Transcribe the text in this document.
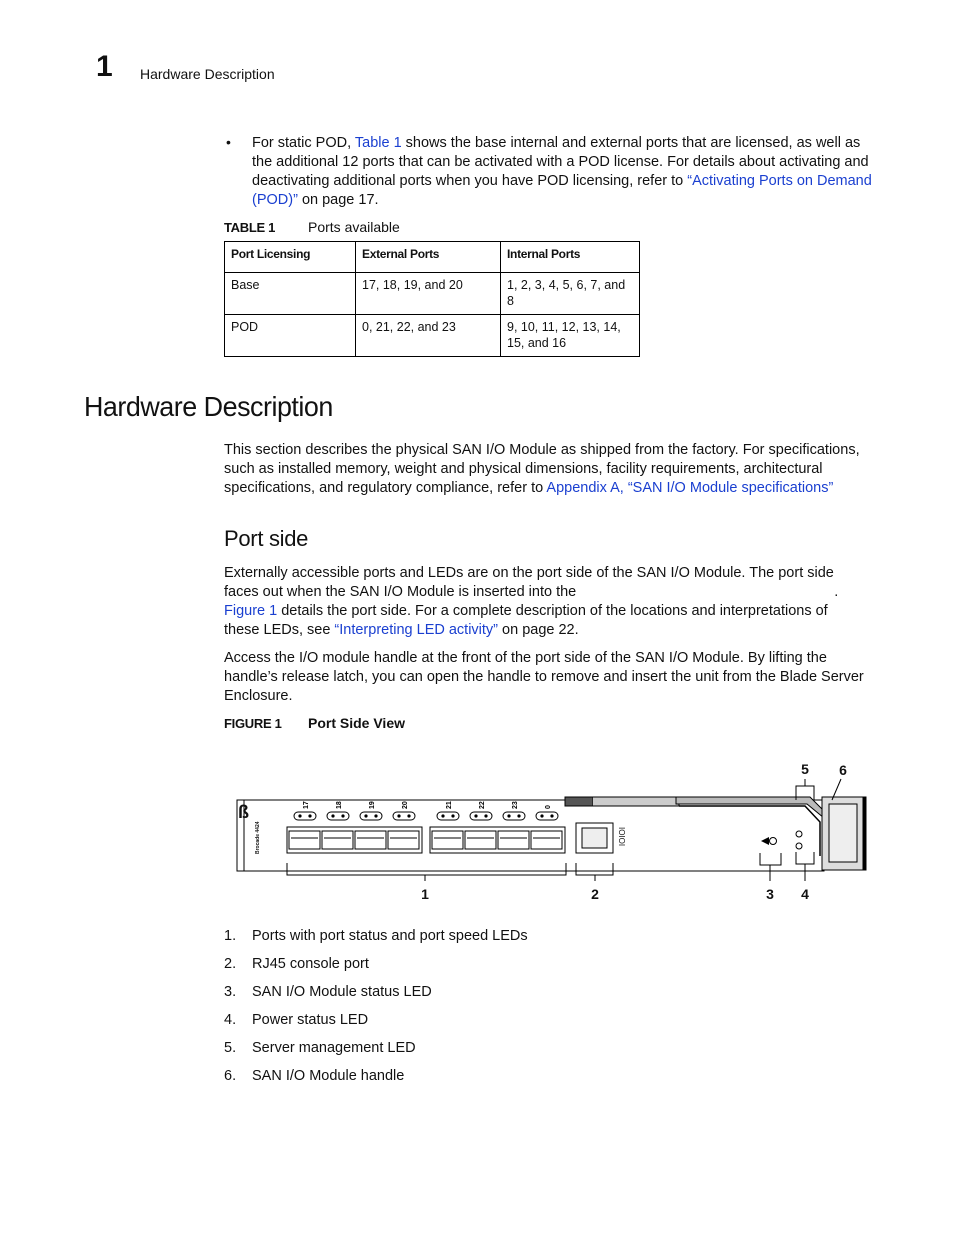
1 Hardware Description
• For static POD, Table 1 shows the base internal and external ports that are licensed, as well as the additional 12 ports that can be activated with a POD license. For details about activating and deactivating additional ports when you have POD licensing, refer to “Activating Ports on Demand (POD)” on page 17.
TABLE 1 Ports available
Port Licensing	External Ports	Internal Ports
Base	17, 18, 19, and 20	1, 2, 3, 4, 5, 6, 7, and 8
POD	0, 21, 22, and 23	9, 10, 11, 12, 13, 14, 15, and 16
Hardware Description
This section describes the physical SAN I/O Module as shipped from the factory. For specifications, such as installed memory, weight and physical dimensions, facility requirements, architectural specifications, and regulatory compliance, refer to Appendix A, “SAN I/O Module specifications”
Port side
Externally accessible ports and LEDs are on the port side of the SAN I/O Module. The port side faces out when the SAN I/O Module is inserted into the	.
Figure 1 details the port side. For a complete description of the locations and interpretations of these LEDs, see “Interpreting LED activity” on page 22.
Access the I/O module handle at the front of the port side of the SAN I/O Module. By lifting the handle’s release latch, you can open the handle to remove and insert the unit from the Blade Server Enclosure.
FIGURE 1 Port Side View
17	18	19	20	21	22	23	0
1	2	3 4
5 6
Brocade 4424	IOIOI
ß
1. Ports with port status and port speed LEDs
2. RJ45 console port
3. SAN I/O Module status LED
4. Power status LED
5. Server management LED
6. SAN I/O Module handle
